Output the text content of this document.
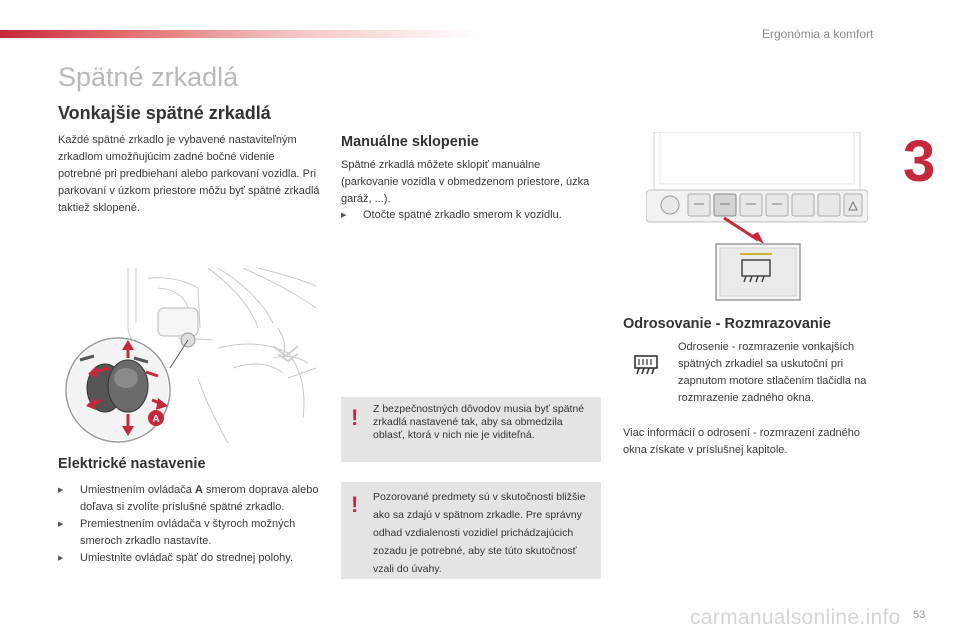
Ergonómia a komfort
3
Spätné zrkadlá
Vonkajšie spätné zrkadlá

Každé spätné zrkadlo je vybavené nastaviteľným zrkadlom umožňujúcim zadné bočné videnie potrebné pri predbiehaní alebo parkovaní vozidla. Pri parkovaní v úzkom priestore môžu byť spätné zrkadlá taktiež sklopené.

A
Elektrické nastavenie
▶ Umiestnením ovládača A smerom doprava alebo doľava si zvolíte príslušné spätné zrkadlo.
▶ Premiestnením ovládača v štyroch možných smeroch zrkadlo nastavíte.
▶ Umiestnite ovládač späť do strednej polohy.
Manuálne sklopenie

Spätné zrkadlá môžete sklopiť manuálne (parkovanie vozidla v obmedzenom priestore, úzka garáž, ...).

▶ Otočte spätné zrkadlo smerom k vozidlu.
! Z bezpečnostných dôvodov musia byť spätné zrkadlá nastavené tak, aby sa obmedzila oblasť, ktorá v nich nie je viditeľná.

! Pozorované predmety sú v skutočnosti bližšie ako sa zdajú v spätnom zrkadle. Pre správny odhad vzdialenosti vozidiel prichádzajúcich zozadu je potrebné, aby ste túto skutočnosť vzali do úvahy.

Odrosovanie - Rozmrazovanie

Odrosenie - rozmrazenie vonkajších spätných zrkadiel sa uskutoční pri zapnutom motore stlačením tlačidla na rozmrazenie zadného okna.

Viac informácií o odrosení - rozmrazení zadného okna získate v príslušnej kapitole.

carmanualsonline.info 53
